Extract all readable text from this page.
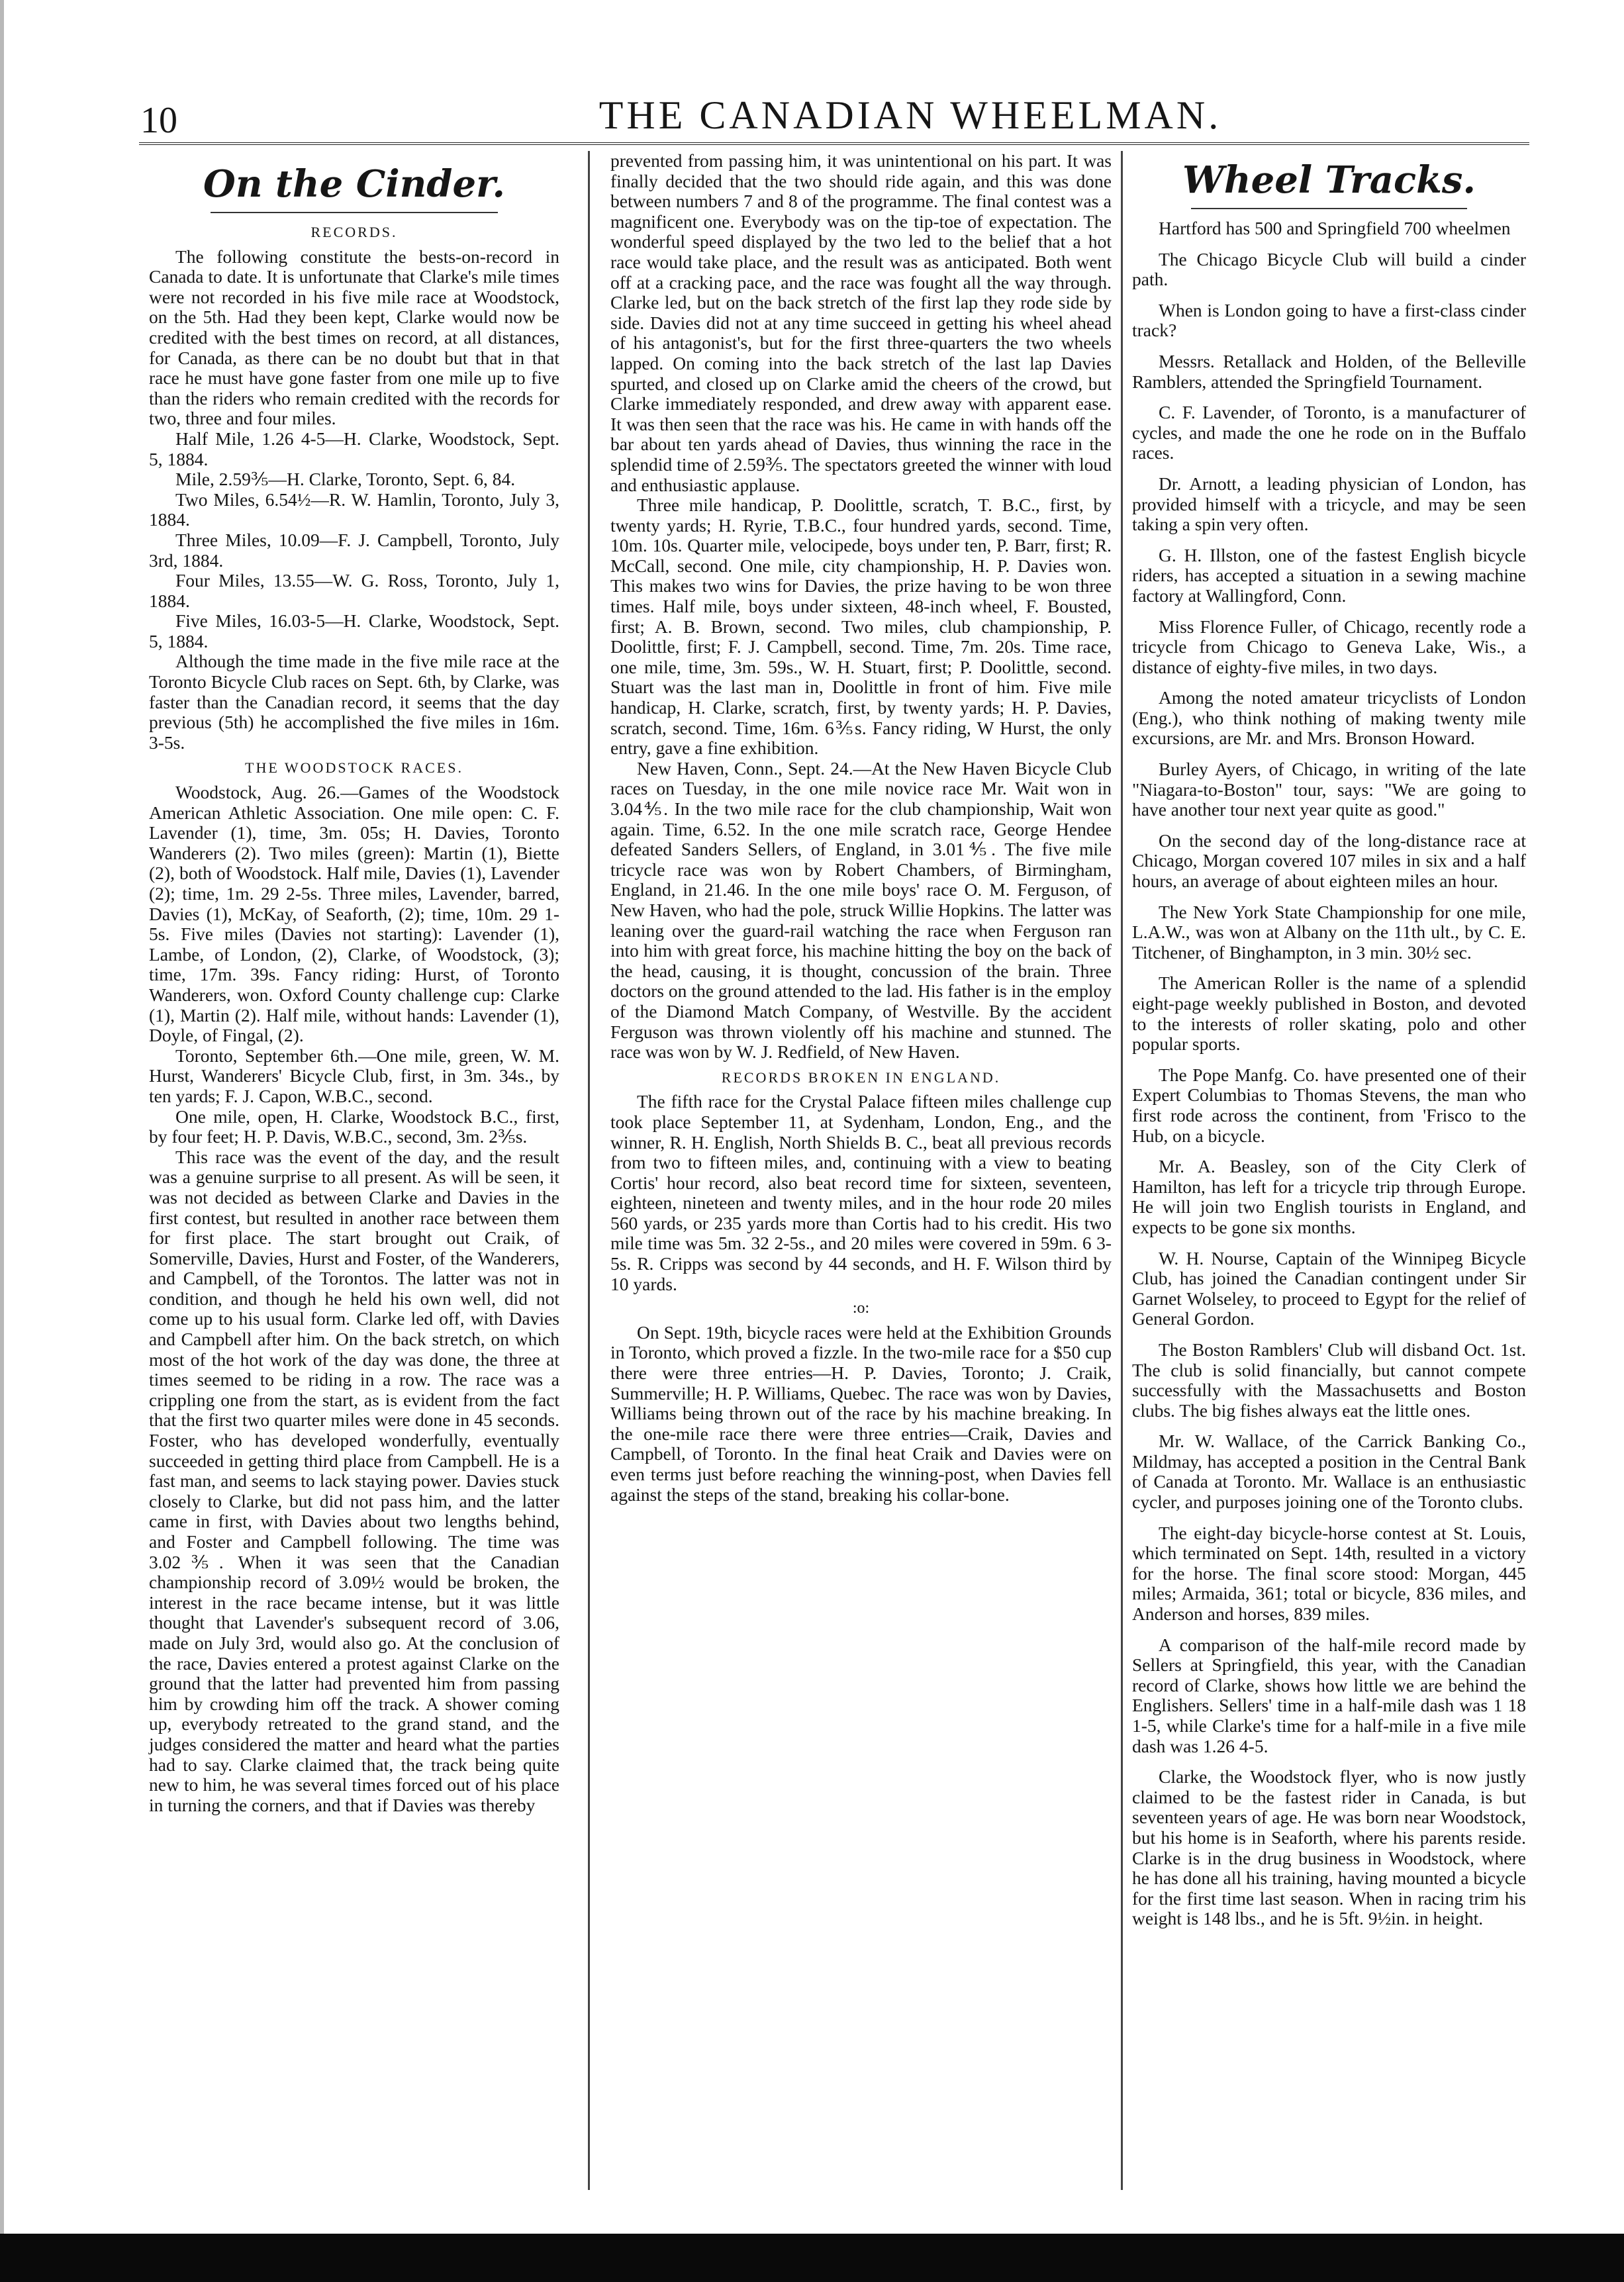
10	THE CANADIAN WHEELMAN.
On the Cinder.
RECORDS.

The following constitute the bests-on-record in Canada to date. It is unfortunate that Clarke's mile times were not recorded in his five mile race at Woodstock, on the 5th. Had they been kept, Clarke would now be credited with the best times on record, at all distances, for Canada, as there can be no doubt but that in that race he must have gone faster from one mile up to five than the riders who remain credited with the records for two, three and four miles.

Half Mile, 1.26 4-5—H. Clarke, Woodstock, Sept. 5, 1884.

Mile, 2.59⅗—H. Clarke, Toronto, Sept. 6, 84.

Two Miles, 6.54½—R. W. Hamlin, Toronto, July 3, 1884.

Three Miles, 10.09—F. J. Campbell, Toronto, July 3rd, 1884.

Four Miles, 13.55—W. G. Ross, Toronto, July 1, 1884.

Five Miles, 16.03-5—H. Clarke, Woodstock, Sept. 5, 1884.

Although the time made in the five mile race at the Toronto Bicycle Club races on Sept. 6th, by Clarke, was faster than the Canadian record, it seems that the day previous (5th) he accomplished the five miles in 16m. 3-5s.

THE WOODSTOCK RACES.

Woodstock, Aug. 26.—Games of the Woodstock American Athletic Association. One mile open: C. F. Lavender (1), time, 3m. 05s; H. Davies, Toronto Wanderers (2). Two miles (green): Martin (1), Biette (2), both of Woodstock. Half mile, Davies (1), Lavender (2); time, 1m. 29 2-5s. Three miles, Lavender, barred, Davies (1), McKay, of Seaforth, (2); time, 10m. 29 1-5s. Five miles (Davies not starting): Lavender (1), Lambe, of London, (2), Clarke, of Woodstock, (3); time, 17m. 39s. Fancy riding: Hurst, of Toronto Wanderers, won. Oxford County challenge cup: Clarke (1), Martin (2). Half mile, without hands: Lavender (1), Doyle, of Fingal, (2).

Toronto, September 6th.—One mile, green, W. M. Hurst, Wanderers' Bicycle Club, first, in 3m. 34s., by ten yards; F. J. Capon, W.B.C., second.

One mile, open, H. Clarke, Woodstock B.C., first, by four feet; H. P. Davis, W.B.C., second, 3m. 2⅗s.

This race was the event of the day, and the result was a genuine surprise to all present. As will be seen, it was not decided as between Clarke and Davies in the first contest, but resulted in another race between them for first place. The start brought out Craik, of Somerville, Davies, Hurst and Foster, of the Wanderers, and Campbell, of the Torontos. The latter was not in condition, and though he held his own well, did not come up to his usual form. Clarke led off, with Davies and Campbell after him. On the back stretch, on which most of the hot work of the day was done, the three at times seemed to be riding in a row. The race was a crippling one from the start, as is evident from the fact that the first two quarter miles were done in 45 seconds. Foster, who has developed wonderfully, eventually succeeded in getting third place from Campbell. He is a fast man, and seems to lack staying power. Davies stuck closely to Clarke, but did not pass him, and the latter came in first, with Davies about two lengths behind, and Foster and Campbell following. The time was 3.02⅗. When it was seen that the Canadian championship record of 3.09½ would be broken, the interest in the race became intense, but it was little thought that Lavender's subsequent record of 3.06, made on July 3rd, would also go. At the conclusion of the race, Davies entered a protest against Clarke on the ground that the latter had prevented him from passing him by crowding him off the track. A shower coming up, everybody retreated to the grand stand, and the judges considered the matter and heard what the parties had to say. Clarke claimed that, the track being quite new to him, he was several times forced out of his place in turning the corners, and that if Davies was thereby

prevented from passing him, it was unintentional on his part. It was finally decided that the two should ride again, and this was done between numbers 7 and 8 of the programme. The final contest was a magnificent one. Everybody was on the tip-toe of expectation. The wonderful speed displayed by the two led to the belief that a hot race would take place, and the result was as anticipated. Both went off at a cracking pace, and the race was fought all the way through. Clarke led, but on the back stretch of the first lap they rode side by side. Davies did not at any time succeed in getting his wheel ahead of his antagonist's, but for the first three-quarters the two wheels lapped. On coming into the back stretch of the last lap Davies spurted, and closed up on Clarke amid the cheers of the crowd, but Clarke immediately responded, and drew away with apparent ease. It was then seen that the race was his. He came in with hands off the bar about ten yards ahead of Davies, thus winning the race in the splendid time of 2.59⅗. The spectators greeted the winner with loud and enthusiastic applause.

Three mile handicap, P. Doolittle, scratch, T. B.C., first, by twenty yards; H. Ryrie, T.B.C., four hundred yards, second. Time, 10m. 10s. Quarter mile, velocipede, boys under ten, P. Barr, first; R. McCall, second. One mile, city championship, H. P. Davies won. This makes two wins for Davies, the prize having to be won three times. Half mile, boys under sixteen, 48-inch wheel, F. Bousted, first; A. B. Brown, second. Two miles, club championship, P. Doolittle, first; F. J. Campbell, second. Time, 7m. 20s. Time race, one mile, time, 3m. 59s., W. H. Stuart, first; P. Doolittle, second. Stuart was the last man in, Doolittle in front of him. Five mile handicap, H. Clarke, scratch, first, by twenty yards; H. P. Davies, scratch, second. Time, 16m. 6⅗s. Fancy riding, W Hurst, the only entry, gave a fine exhibition.

New Haven, Conn., Sept. 24.—At the New Haven Bicycle Club races on Tuesday, in the one mile novice race Mr. Wait won in 3.04⅘. In the two mile race for the club championship, Wait won again. Time, 6.52. In the one mile scratch race, George Hendee defeated Sanders Sellers, of England, in 3.01⅘. The five mile tricycle race was won by Robert Chambers, of Birmingham, England, in 21.46. In the one mile boys' race O. M. Ferguson, of New Haven, who had the pole, struck Willie Hopkins. The latter was leaning over the guard-rail watching the race when Ferguson ran into him with great force, his machine hitting the boy on the back of the head, causing, it is thought, concussion of the brain. Three doctors on the ground attended to the lad. His father is in the employ of the Diamond Match Company, of Westville. By the accident Ferguson was thrown violently off his machine and stunned. The race was won by W. J. Redfield, of New Haven.

RECORDS BROKEN IN ENGLAND.

The fifth race for the Crystal Palace fifteen miles challenge cup took place September 11, at Sydenham, London, Eng., and the winner, R. H. English, North Shields B. C., beat all previous records from two to fifteen miles, and, continuing with a view to beating Cortis' hour record, also beat record time for sixteen, seventeen, eighteen, nineteen and twenty miles, and in the hour rode 20 miles 560 yards, or 235 yards more than Cortis had to his credit. His two mile time was 5m. 32 2-5s., and 20 miles were covered in 59m. 6 3-5s. R. Cripps was second by 44 seconds, and H. F. Wilson third by 10 yards.

:o:

On Sept. 19th, bicycle races were held at the Exhibition Grounds in Toronto, which proved a fizzle. In the two-mile race for a $50 cup there were three entries—H. P. Davies, Toronto; J. Craik, Summerville; H. P. Williams, Quebec. The race was won by Davies, Williams being thrown out of the race by his machine breaking. In the one-mile race there were three entries—Craik, Davies and Campbell, of Toronto. In the final heat Craik and Davies were on even terms just before reaching the winning-post, when Davies fell against the steps of the stand, breaking his collar-bone.

Wheel Tracks.

Hartford has 500 and Springfield 700 wheelmen

The Chicago Bicycle Club will build a cinder path.

When is London going to have a first-class cinder track?

Messrs. Retallack and Holden, of the Belleville Ramblers, attended the Springfield Tournament.

C. F. Lavender, of Toronto, is a manufacturer of cycles, and made the one he rode on in the Buffalo races.

Dr. Arnott, a leading physician of London, has provided himself with a tricycle, and may be seen taking a spin very often.

G. H. Illston, one of the fastest English bicycle riders, has accepted a situation in a sewing machine factory at Wallingford, Conn.

Miss Florence Fuller, of Chicago, recently rode a tricycle from Chicago to Geneva Lake, Wis., a distance of eighty-five miles, in two days.

Among the noted amateur tricyclists of London (Eng.), who think nothing of making twenty mile excursions, are Mr. and Mrs. Bronson Howard.

Burley Ayers, of Chicago, in writing of the late "Niagara-to-Boston" tour, says: "We are going to have another tour next year quite as good."

On the second day of the long-distance race at Chicago, Morgan covered 107 miles in six and a half hours, an average of about eighteen miles an hour.

The New York State Championship for one mile, L.A.W., was won at Albany on the 11th ult., by C. E. Titchener, of Binghampton, in 3 min. 30½ sec.

The American Roller is the name of a splendid eight-page weekly published in Boston, and devoted to the interests of roller skating, polo and other popular sports.

The Pope Manfg. Co. have presented one of their Expert Columbias to Thomas Stevens, the man who first rode across the continent, from 'Frisco to the Hub, on a bicycle.

Mr. A. Beasley, son of the City Clerk of Hamilton, has left for a tricycle trip through Europe. He will join two English tourists in England, and expects to be gone six months.

W. H. Nourse, Captain of the Winnipeg Bicycle Club, has joined the Canadian contingent under Sir Garnet Wolseley, to proceed to Egypt for the relief of General Gordon.

The Boston Ramblers' Club will disband Oct. 1st. The club is solid financially, but cannot compete successfully with the Massachusetts and Boston clubs. The big fishes always eat the little ones.

Mr. W. Wallace, of the Carrick Banking Co., Mildmay, has accepted a position in the Central Bank of Canada at Toronto. Mr. Wallace is an enthusiastic cycler, and purposes joining one of the Toronto clubs.

The eight-day bicycle-horse contest at St. Louis, which terminated on Sept. 14th, resulted in a victory for the horse. The final score stood: Morgan, 445 miles; Armaida, 361; total or bicycle, 836 miles, and Anderson and horses, 839 miles.

A comparison of the half-mile record made by Sellers at Springfield, this year, with the Canadian record of Clarke, shows how little we are behind the Englishers. Sellers' time in a half-mile dash was 1 18 1-5, while Clarke's time for a half-mile in a five mile dash was 1.26 4-5.

Clarke, the Woodstock flyer, who is now justly claimed to be the fastest rider in Canada, is but seventeen years of age. He was born near Woodstock, but his home is in Seaforth, where his parents reside. Clarke is in the drug business in Woodstock, where he has done all his training, having mounted a bicycle for the first time last season. When in racing trim his weight is 148 lbs., and he is 5ft. 9½in. in height.
